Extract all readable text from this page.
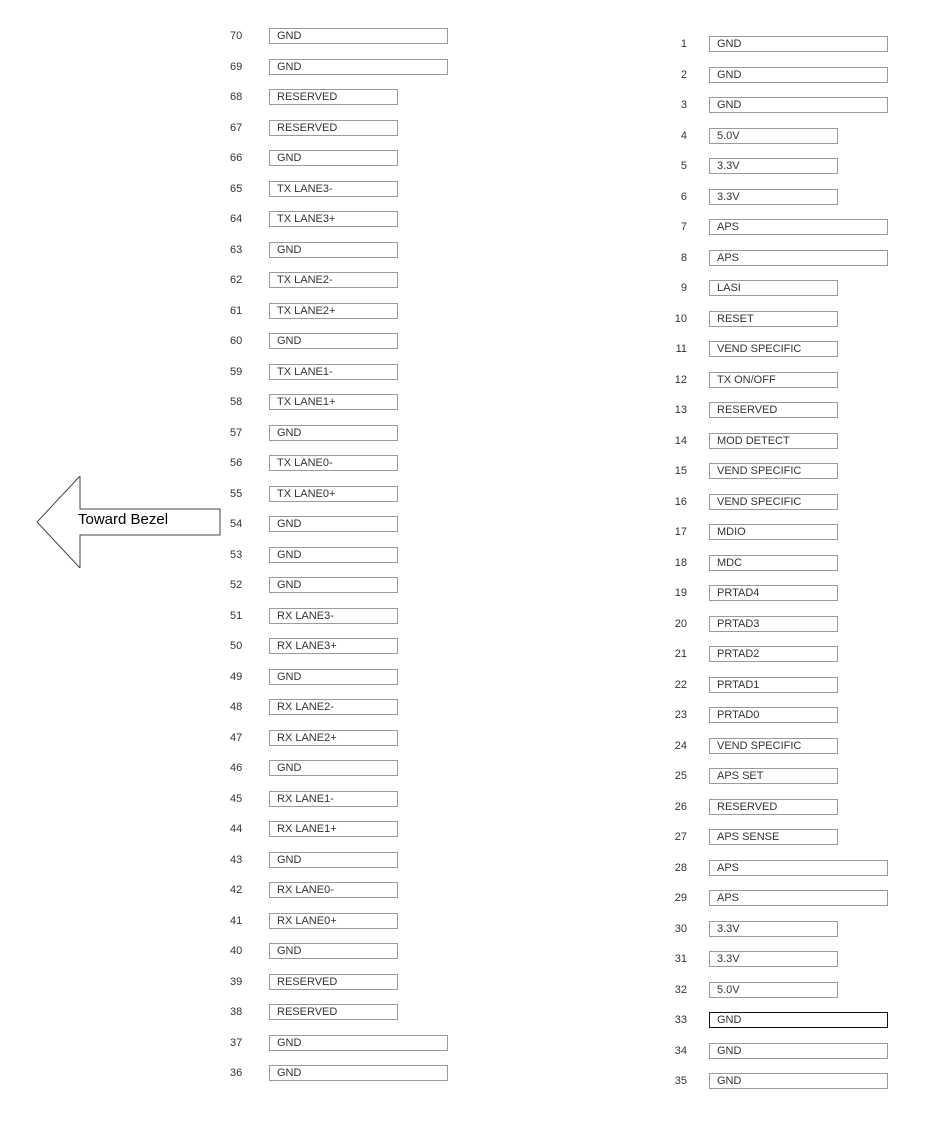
Toward Bezel
70	GND
69	GND
68	RESERVED
67	RESERVED
66	GND
65	TX LANE3-
64	TX LANE3+
63	GND
62	TX LANE2-
61	TX LANE2+
60	GND
59	TX LANE1-
58	TX LANE1+
57	GND
56	TX LANE0-
55	TX LANE0+
54	GND
53	GND
52	GND
51	RX LANE3-
50	RX LANE3+
49	GND
48	RX LANE2-
47	RX LANE2+
46	GND
45	RX LANE1-
44	RX LANE1+
43	GND
42	RX LANE0-
41	RX LANE0+
40	GND
39	RESERVED
38	RESERVED
37	GND
36	GND
1	GND
2	GND
3	GND
4	5.0V
5	3.3V
6	3.3V
7	APS
8	APS
9	LASI
10	RESET
11	VEND SPECIFIC
12	TX ON/OFF
13	RESERVED
14	MOD DETECT
15	VEND SPECIFIC
16	VEND SPECIFIC
17	MDIO
18	MDC
19	PRTAD4
20	PRTAD3
21	PRTAD2
22	PRTAD1
23	PRTAD0
24	VEND SPECIFIC
25	APS SET
26	RESERVED
27	APS SENSE
28	APS
29	APS
30	3.3V
31	3.3V
32	5.0V
33	GND
34	GND
35	GND
